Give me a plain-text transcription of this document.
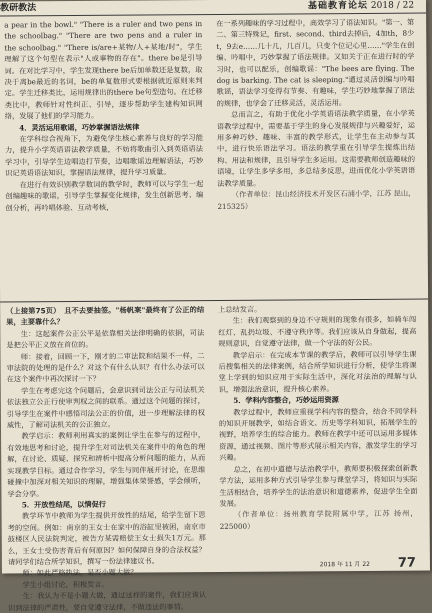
教研教法	基础教育论坛 2018 / 22

a pear in the bowl." "There is a ruler and two pens in the schoolbag." "There are two pens and a ruler in the schoolbag." "There is/are+某物/人+某地/时"，学生理解了这个句型在表示"人或事物的存在"。there be是引导词。在对比学习中，学生发现there be后加单数还是复数，取决于离be最近的名词，be的单复数形式要根据就近原则来判定。学生迁移类比，运用规律出的there be句型造句。在迁移类比中，教师针对性纠正、引导，逐步帮助学生建构知识网络，发展了他们的学习能力。

4．灵活运用歌谣，巧妙掌握语法规律

在学科综合视角下，为避免学生核心素养与良好的学习能力，提升小学英语语法教学质量，不妨将歌曲引入到英语语法学习中，引导学生边唱边打节奏，边唱歌谣边理解语法，巧妙识记英语语法知识，掌握语法规律，提升学习质量。

在进行有效识别教学数词的教学时，教师可以与学生一起创编趣味的歌谣，引导学生掌握变化规律，发生创新思考、编创分析，再吟唱体验、互动考核，

在一系列趣味的学习过程中，高效学习了语法知识。"第一、第二、第三特殊记，first、second、third去掉后，4加th，8少t，9去e……几十几，几百几，只变个位记心里……"学生在创编、吟唱中，巧妙掌握了语法规律。又如关于正在进行时的学习时，也可以配乐，创编歌谣："The bees are flying. The dog is barking. The cat is sleeping."通过灵活创编与吟唱歌谣，语法学习变得有节奏、有趣味，学生巧妙地掌握了语法的规律，也学会了迁移灵活，灵活运用。

总而言之，有助于优化小学英语语法教学质量，在小学英语教学过程中，需要基于学生的身心发展规律与兴趣爱好，运用多种巧妙、趣味、丰富的教学形式，让学生在主动参与其中，进行快乐语法学习。语法的教学重在引导学生提炼出结构、用法和规律，且引导学生多运用。这需要教师创造趣味的语境，让学生多学多用，多总结多反思，进而优化小学英语语法教学质量。

（作者单位：昆山经济技术开发区石浦小学，江苏 昆山，215325）

（上接第75页）　且不去要抽签。"杨帆案"最终有了公正的结果，主要靠什么？

生：这起案件公正公平是依靠相关法律明确的依据，司法是把公平正义放在首位的。

师：接着，回顾一下，刚才的二审法院和结果不一样，二审法院的处理的是什么？对这个有什么认识？有什么办法可以在这个案件中再次探讨一下？

学生在考虑完这个问题后，会意识到司法公正与司法机关依法独立公正行使审判权之间的联系。通过这个问题的探讨，引导学生在案件中感悟司法公正的价值，进一步理解法律的权威性，了解司法机关的公正独立。

教学启示：教师利用真实的案例让学生在参与的过程中，有效地思考和讨论，提升学生对司法机关在案件中的角色的理解，在讨论、质疑、探究和辨析中提高分析问题的能力，从而实现教学目标。通过合作学习，学生与同伴展开讨论，在思维碰撞中加深对相关知识的理解，增强集体荣誉感，学会倾听，学会分享。

5．开放性结尾，以情促行

教学环节中教师为学生提供开放性的结尾，给学生留下思考的空间。例如：南京的王女士在家中的浴缸里被困，南京市鼓楼区人民法院判定，被告方某需赔偿王女士损失1万元。那么，王女士受伤害背后有何原因？如何保障自身的合法权益？请同学们结合所学知识，撰写一份法律建议书。

师：如此严格执法，是否小题大做？

学生小组讨论，积极发言。

生：我认为不是小题大做，通过这样的案件，我们应该认识到法律的严肃性，要自觉遵守法律，不做违法的事情。

上总结发言。

生：我们观察到的身边不守规则的现象有很多，如骑车闯红灯、乱扔垃圾、不遵守秩序等。我们应该从自身做起，提高规则意识，自觉遵守法律，做一个守法的好公民。

教学启示：在完成本节课的教学后，教师可以引导学生课后搜集相关的法律案例，结合所学知识进行分析，使学生将课堂上学到的知识应用于实际生活中，深化对法治的理解与认识，增强法治意识，提升核心素养。

5．学科内容整合，巧妙运用资源

教学过程中，教师应重视学科内容的整合，结合不同学科的知识开展教学，如结合语文、历史等学科知识，拓展学生的视野，培养学生的综合能力。教师在教学中还可以运用多媒体资源，通过视频、图片等形式展示相关内容，激发学生的学习兴趣。

总之，在初中道德与法治教学中，教师要积极探索创新教学方法，运用多种方式引导学生参与课堂学习，将知识与实际生活相结合，培养学生的法治意识和道德素养，促进学生全面发展。

（作者单位：扬州教育学院附属中学，江苏 扬州，225000）

2018 年 11 月 22 77
